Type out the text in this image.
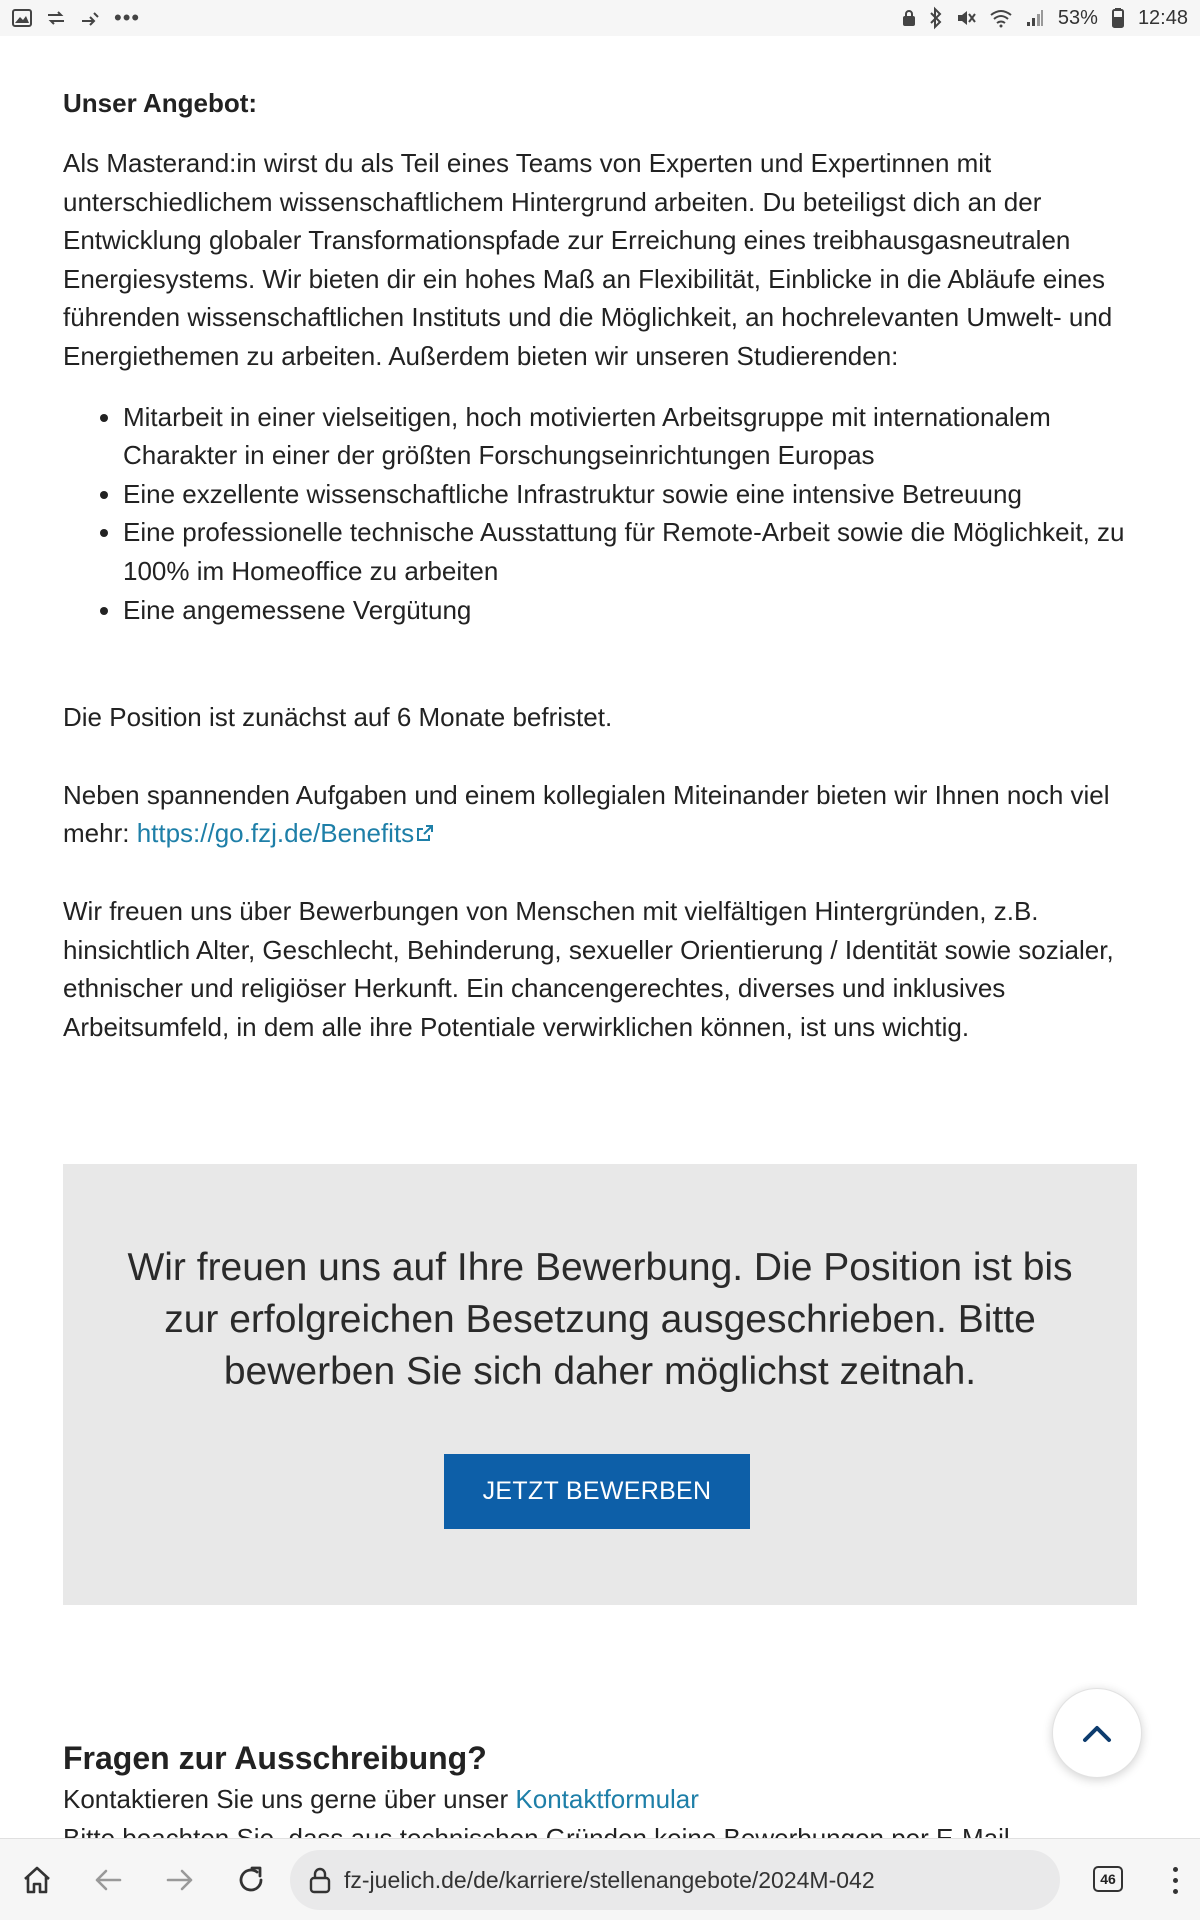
•••	53% 12:48
Unser Angebot:

Als Masterand:in wirst du als Teil eines Teams von Experten und Expertinnen mit unterschiedlichem wissenschaftlichem Hintergrund arbeiten. Du beteiligst dich an der Entwicklung globaler Transformationspfade zur Erreichung eines treibhausgasneutralen Energiesystems. Wir bieten dir ein hohes Maß an Flexibilität, Einblicke in die Abläufe eines führenden wissenschaftlichen Instituts und die Möglichkeit, an hochrelevanten Umwelt- und Energiethemen zu arbeiten. Außerdem bieten wir unseren Studierenden:

• Mitarbeit in einer vielseitigen, hoch motivierten Arbeitsgruppe mit internationalem Charakter in einer der größten Forschungseinrichtungen Europas
• Eine exzellente wissenschaftliche Infrastruktur sowie eine intensive Betreuung
• Eine professionelle technische Ausstattung für Remote-Arbeit sowie die Möglichkeit, zu 100% im Homeoffice zu arbeiten
• Eine angemessene Vergütung

Die Position ist zunächst auf 6 Monate befristet.

Neben spannenden Aufgaben und einem kollegialen Miteinander bieten wir Ihnen noch viel mehr: https://go.fzj.de/Benefits

Wir freuen uns über Bewerbungen von Menschen mit vielfältigen Hintergründen, z.B. hinsichtlich Alter, Geschlecht, Behinderung, sexueller Orientierung / Identität sowie sozialer, ethnischer und religiöser Herkunft. Ein chancengerechtes, diverses und inklusives Arbeitsumfeld, in dem alle ihre Potentiale verwirklichen können, ist uns wichtig.

Wir freuen uns auf Ihre Bewerbung. Die Position ist bis zur erfolgreichen Besetzung ausgeschrieben. Bitte bewerben Sie sich daher möglichst zeitnah.
JETZT BEWERBEN
Fragen zur Ausschreibung?

Kontaktieren Sie uns gerne über unser Kontaktformular

fz-juelich.de/de/karriere/stellenangebote/2024M-042	46
